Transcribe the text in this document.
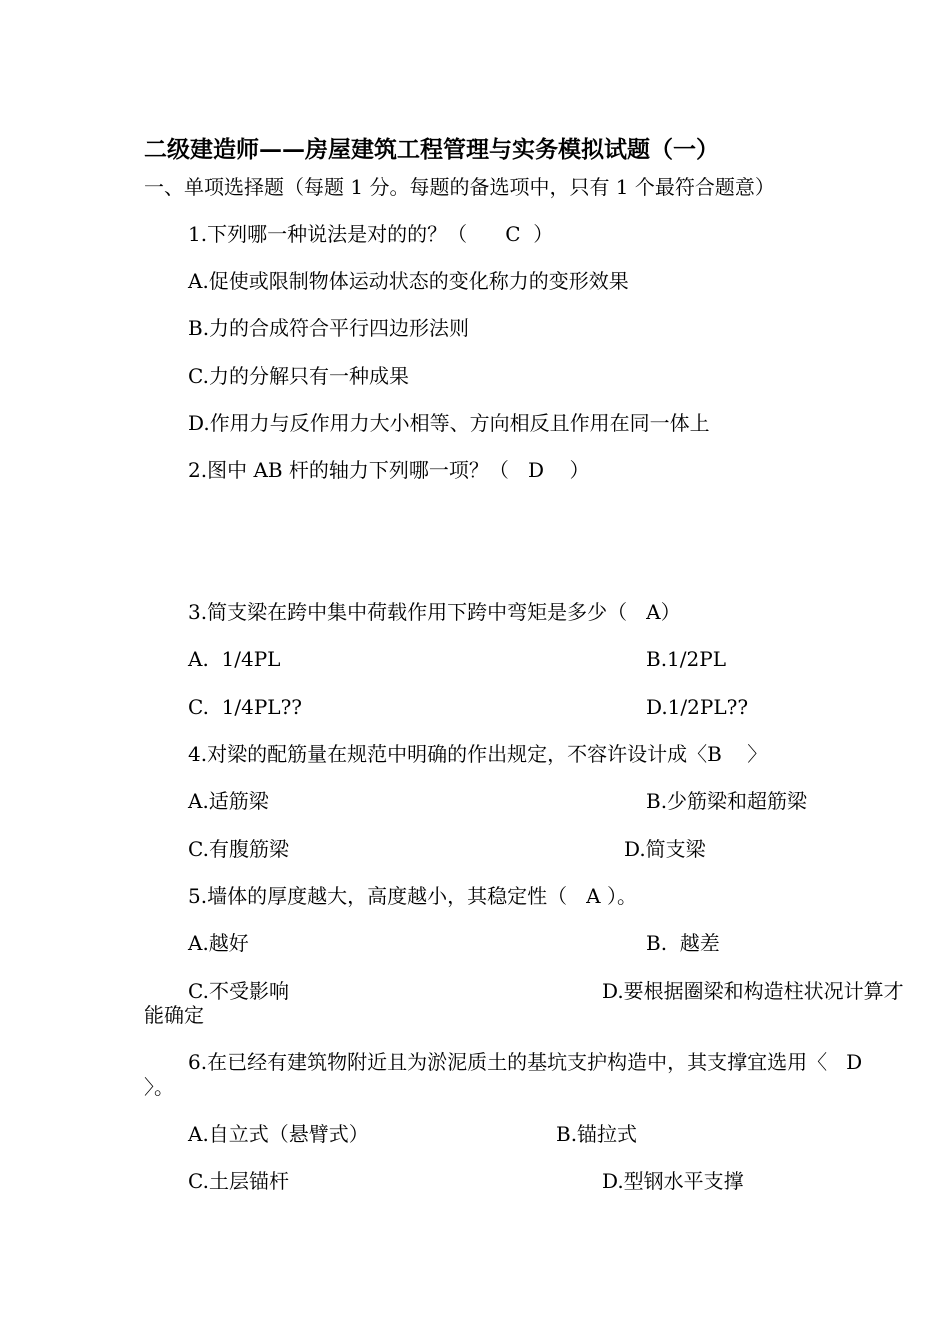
二级建造师——房屋建筑工程管理与实务模拟试题（一）
一、单项选择题（每题 1 分。每题的备选项中，只有 1 个最符合题意）
1.下列哪一种说法是对的的？（      C  ）
A.促使或限制物体运动状态的变化称力的变形效果
B.力的合成符合平行四边形法则
C.力的分解只有一种成果
D.作用力与反作用力大小相等、方向相反且作用在同一体上
2.图中 AB 杆的轴力下列哪一项？（   D    ）
3.简支梁在跨中集中荷载作用下跨中弯矩是多少（   A）
A.  1/4PL	B.1/2PL
C.  1/4PL??	D.1/2PL??
4.对梁的配筋量在规范中明确的作出规定，不容许设计成〈B    〉
A.适筋梁	B.少筋梁和超筋梁
C.有腹筋梁	D.简支梁
5.墙体的厚度越大，高度越小，其稳定性（   A ）。
A.越好	B.  越差
C.不受影响	D.要根据圈梁和构造柱状况计算才
能确定
6.在已经有建筑物附近且为淤泥质土的基坑支护构造中，其支撑宜选用〈   D
〉。
A.自立式（悬臂式）	B.锚拉式
C.土层锚杆	D.型钢水平支撑
